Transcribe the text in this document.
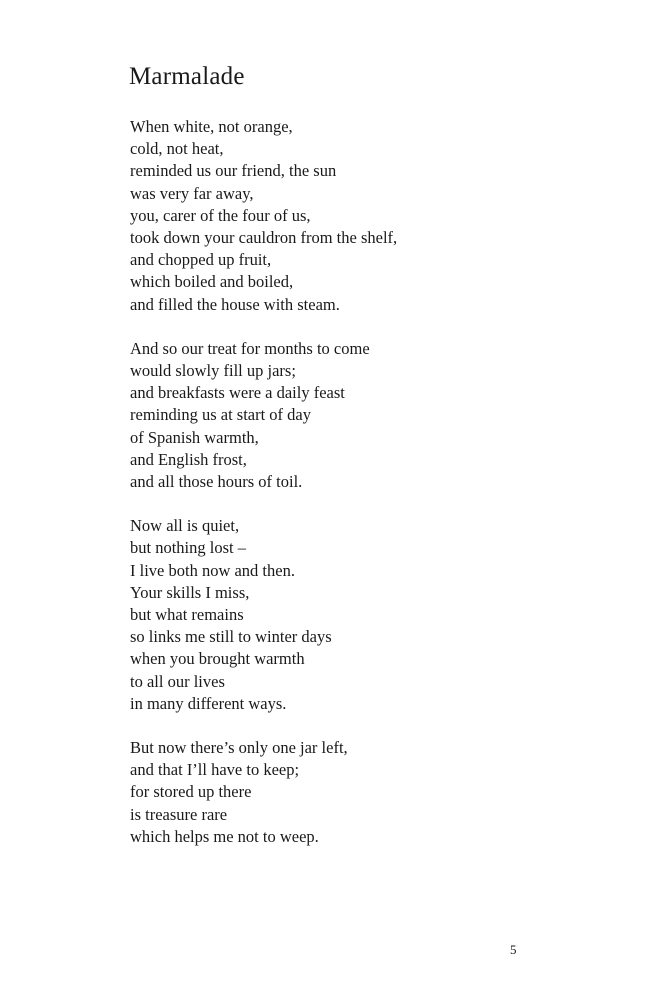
Marmalade
When white, not orange,
cold, not heat,
reminded us our friend, the sun
was very far away,
you, carer of the four of us,
took down your cauldron from the shelf,
and chopped up fruit,
which boiled and boiled,
and filled the house with steam.
And so our treat for months to come
would slowly fill up jars;
and breakfasts were a daily feast
reminding us at start of day
of Spanish warmth,
and English frost,
and all those hours of toil.
Now all is quiet,
but nothing lost –
I live both now and then.
Your skills I miss,
but what remains
so links me still to winter days
when you brought warmth
to all our lives
in many different ways.
But now there’s only one jar left,
and that I’ll have to keep;
for stored up there
is treasure rare
which helps me not to weep.
5
